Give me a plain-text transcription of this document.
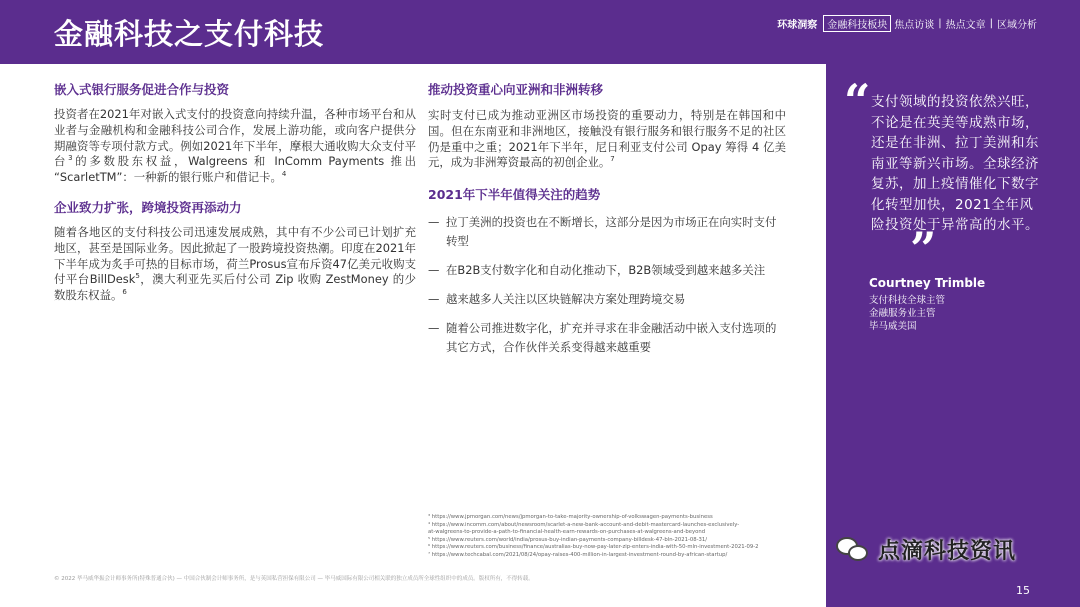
金融科技之支付科技	环球洞察	金融科技板块 焦点访谈 | 热点文章 | 区域分析
嵌入式银行服务促进合作与投资

投资者在2021年对嵌入式支付的投资意向持续升温，各种市场平台和从业者与金融机构和金融科技公司合作，发展上游功能，或向客户提供分期融资等专项付款方式。例如2021年下半年，摩根大通收购大众支付平台$^3$的多数股东权益，Walgreens 和 InComm Payments 推出 “ScarletTM”：一种新的银行账户和借记卡。$^4$

企业致力扩张，跨境投资再添动力

随着各地区的支付科技公司迅速发展成熟，其中有不少公司已计划扩充地区，甚至是国际业务。因此掀起了一股跨境投资热潮。印度在2021年下半年成为炙手可热的目标市场，荷兰Prosus宣布斥资47亿美元收购支付平台BillDesk$^5$，澳大利亚先买后付公司 Zip 收购 ZestMoney 的少数股东权益。$^6$

推动投资重心向亚洲和非洲转移

实时支付已成为推动亚洲区市场投资的重要动力，特别是在韩国和中国。但在东南亚和非洲地区，接触没有银行服务和银行服务不足的社区仍是重中之重；2021年下半年，尼日利亚支付公司 Opay 筹得 4 亿美元，成为非洲筹资最高的初创企业。$^7$

2021年下半年值得关注的趋势
— 拉丁美洲的投资也在不断增长，这部分是因为市场正在向实时支付转型
— 在B2B支付数字化和自动化推动下，B2B领域受到越来越多关注
— 越来越多人关注以区块链解决方案处理跨境交易
— 随着公司推进数字化，扩充并寻求在非金融活动中嵌入支付选项的其它方式，合作伙伴关系变得越来越重要
“ 支付领域的投资依然兴旺，不论是在英美等成熟市场，还是在非洲、拉丁美洲和东南亚等新兴市场。全球经济复苏，加上疫情催化下数字化转型加快，2021全年风险投资处于异常高的水平。
”
Courtney Trimble
支付科技全球主管
金融服务业主管
毕马威美国
³ https://www.jpmorgan.com/news/jpmorgan-to-take-majority-ownership-of-volkswagen-payments-business
⁴ https://www.incomm.com/about/newsroom/scarlet-a-new-bank-account-and-debit-mastercard-launches-exclusively-
at-walgreens-to-provide-a-path-to-financial-health-earn-rewards-on-purchases-at-walgreens-and-beyond
⁵ https://www.reuters.com/world/india/prosus-buy-indian-payments-company-billdesk-47-bln-2021-08-31/
⁶ https://www.reuters.com/business/finance/australias-buy-now-pay-later-zip-enters-india-with-50-mln-investment-2021-09-2
⁷ https://www.techcabal.com/2021/08/24/opay-raises-400-million-in-largest-investment-round-by-african-startup/
© 2022 毕马威华振会计师事务所(特殊普通合伙) — 中国合伙制会计师事务所，是与英国私营担保有限公司 — 毕马威国际有限公司相关联的独立成员所全球性组织中的成员。版权所有，不得转载。
点滴科技资讯
15
